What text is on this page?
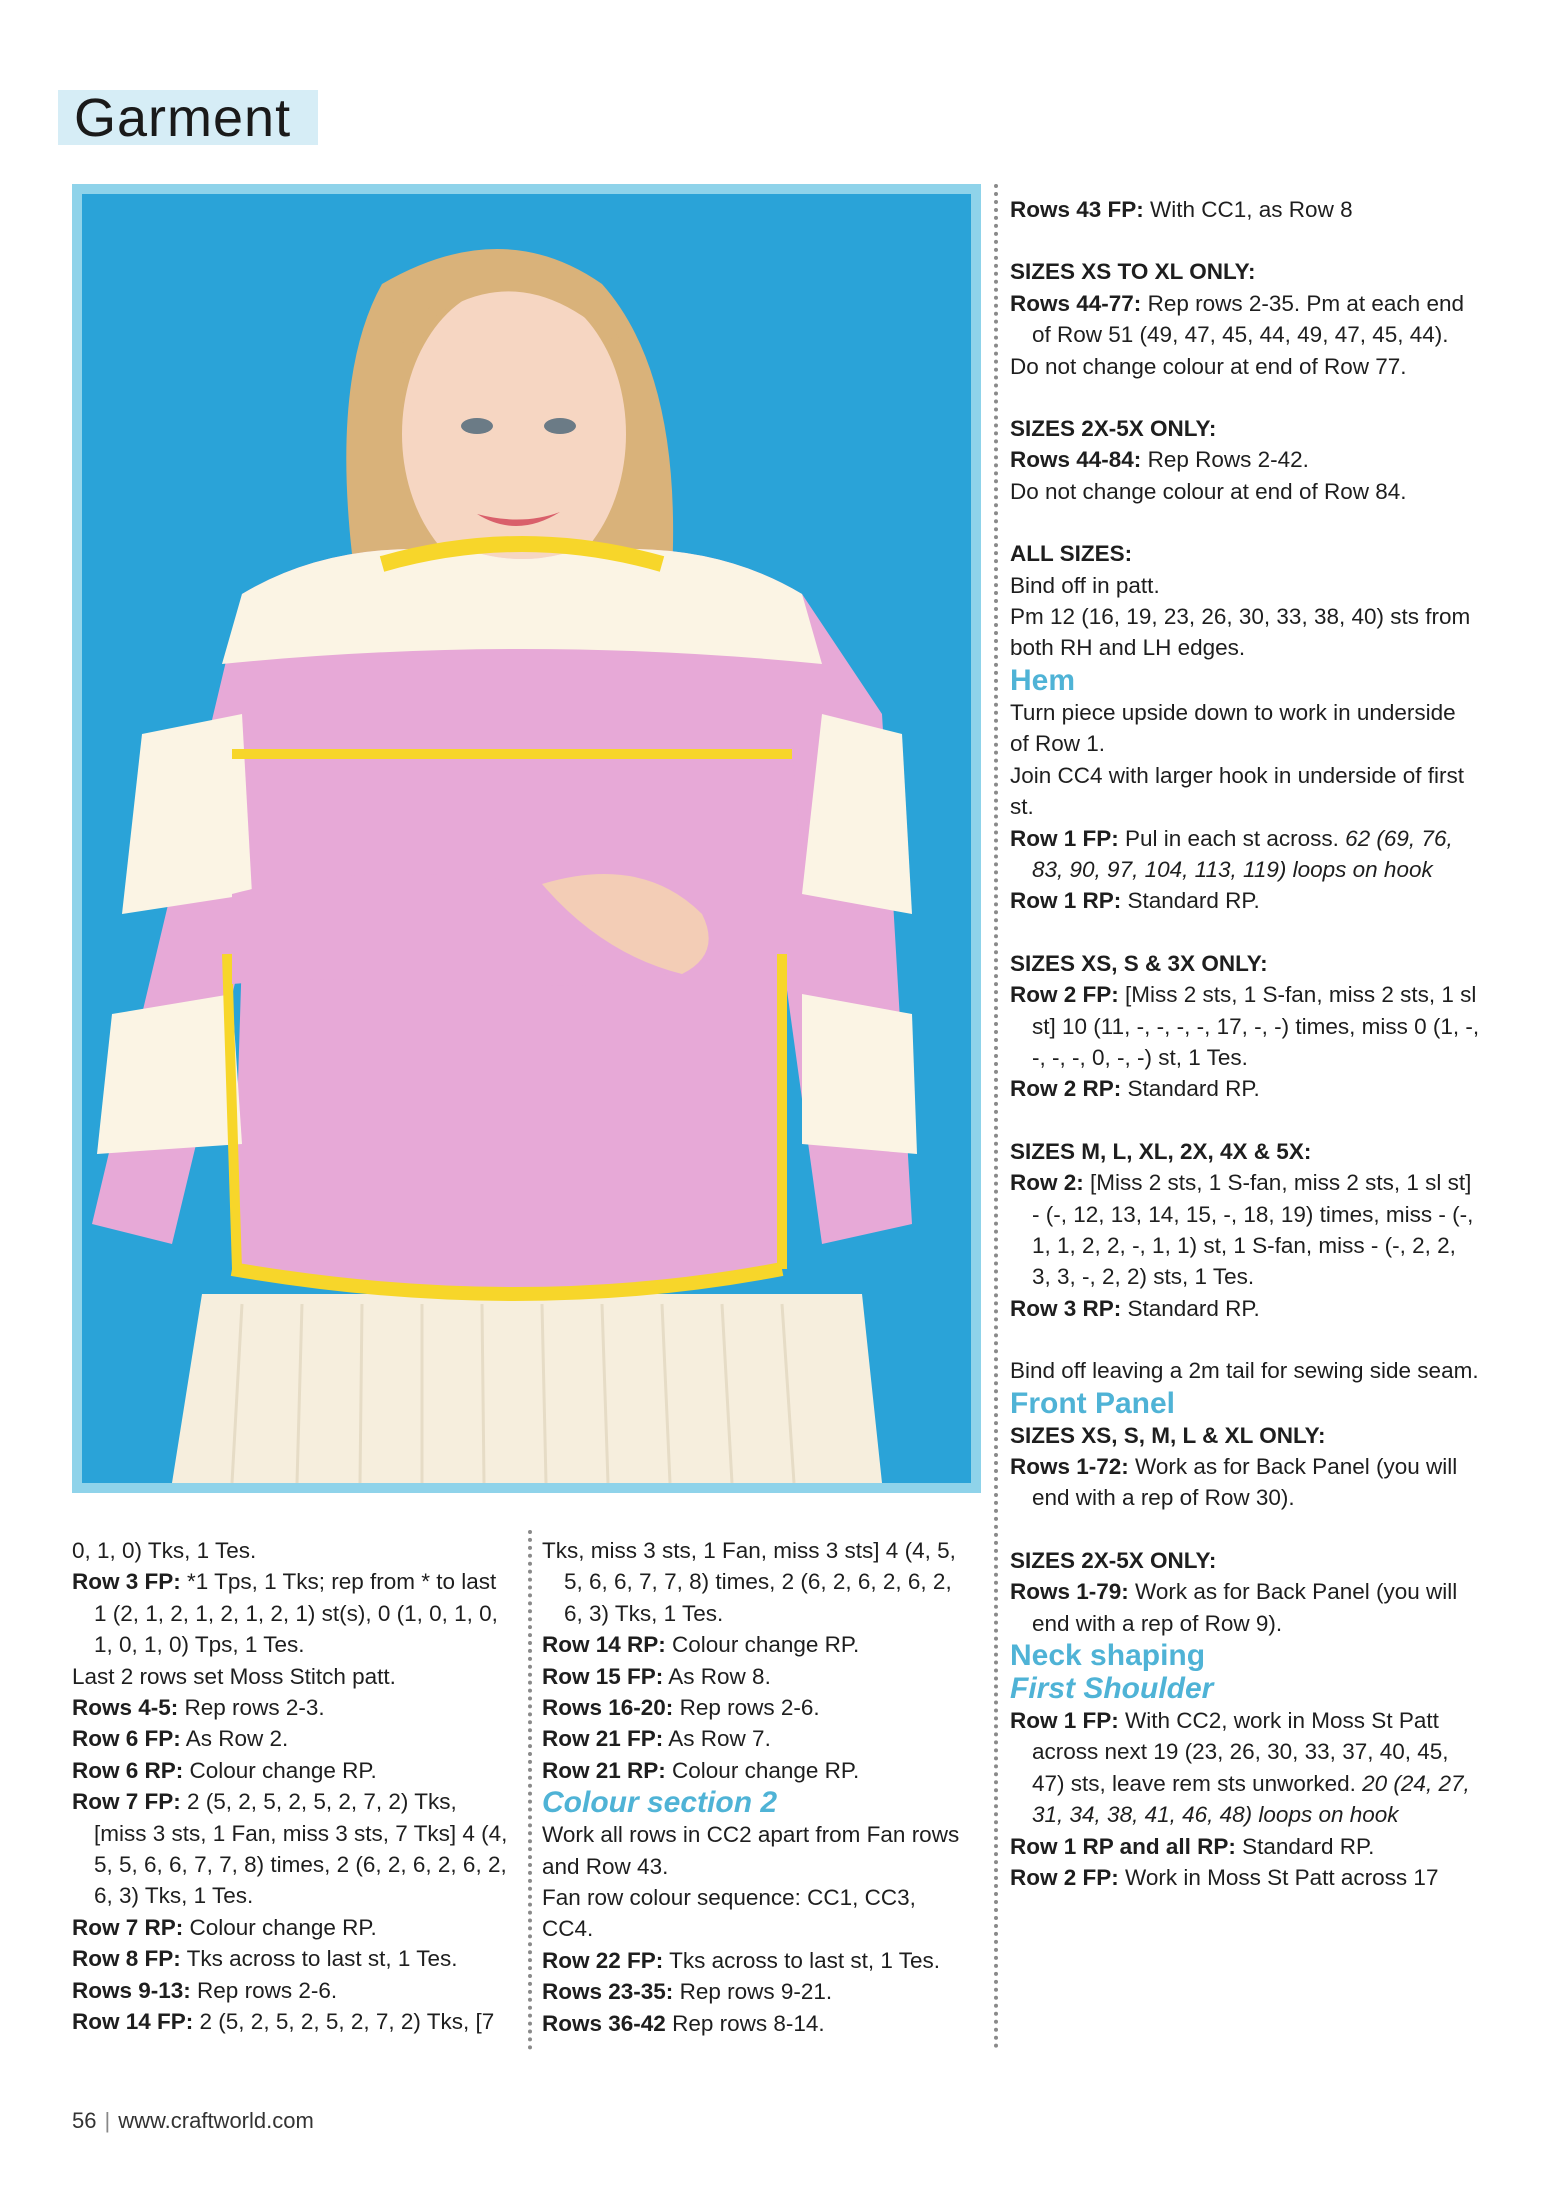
Garment

0, 1, 0) Tks, 1 Tes.

Row 3 FP: *1 Tps, 1 Tks; rep from * to last 1 (2, 1, 2, 1, 2, 1, 2, 1) st(s), 0 (1, 0, 1, 0, 1, 0, 1, 0) Tps, 1 Tes.

Last 2 rows set Moss Stitch patt.

Rows 4-5: Rep rows 2-3.

Row 6 FP: As Row 2.

Row 6 RP: Colour change RP.

Row 7 FP: 2 (5, 2, 5, 2, 5, 2, 7, 2) Tks, [miss 3 sts, 1 Fan, miss 3 sts, 7 Tks] 4 (4, 5, 5, 6, 6, 7, 7, 8) times, 2 (6, 2, 6, 2, 6, 2, 6, 3) Tks, 1 Tes.

Row 7 RP: Colour change RP.

Row 8 FP: Tks across to last st, 1 Tes.

Rows 9-13: Rep rows 2-6.

Row 14 FP: 2 (5, 2, 5, 2, 5, 2, 7, 2) Tks, [7

Tks, miss 3 sts, 1 Fan, miss 3 sts] 4 (4, 5, 5, 6, 6, 7, 7, 8) times, 2 (6, 2, 6, 2, 6, 2, 6, 3) Tks, 1 Tes.

Row 14 RP: Colour change RP.

Row 15 FP: As Row 8.

Rows 16-20: Rep rows 2-6.

Row 21 FP: As Row 7.

Row 21 RP: Colour change RP.

Colour section 2

Work all rows in CC2 apart from Fan rows and Row 43.

Fan row colour sequence: CC1, CC3, CC4.

Row 22 FP: Tks across to last st, 1 Tes.

Rows 23-35: Rep rows 9-21.

Rows 36-42 Rep rows 8-14.

Rows 43 FP: With CC1, as Row 8

SIZES XS TO XL ONLY:

Rows 44-77: Rep rows 2-35. Pm at each end of Row 51 (49, 47, 45, 44, 49, 47, 45, 44).

Do not change colour at end of Row 77.

SIZES 2X-5X ONLY:

Rows 44-84: Rep Rows 2-42.

Do not change colour at end of Row 84.

ALL SIZES:

Bind off in patt.

Pm 12 (16, 19, 23, 26, 30, 33, 38, 40) sts from both RH and LH edges.

Hem

Turn piece upside down to work in underside of Row 1.

Join CC4 with larger hook in underside of first st.

Row 1 FP: Pul in each st across. 62 (69, 76, 83, 90, 97, 104, 113, 119) loops on hook

Row 1 RP: Standard RP.

SIZES XS, S & 3X ONLY:

Row 2 FP: [Miss 2 sts, 1 S-fan, miss 2 sts, 1 sl st] 10 (11, -, -, -, -, 17, -, -) times, miss 0 (1, -, -, -, -, 0, -, -) st, 1 Tes.

Row 2 RP: Standard RP.

SIZES M, L, XL, 2X, 4X & 5X:

Row 2: [Miss 2 sts, 1 S-fan, miss 2 sts, 1 sl st] - (-, 12, 13, 14, 15, -, 18, 19) times, miss - (-, 1, 1, 2, 2, -, 1, 1) st, 1 S-fan, miss - (-, 2, 2, 3, 3, -, 2, 2) sts, 1 Tes.

Row 3 RP: Standard RP.

Bind off leaving a 2m tail for sewing side seam.

Front Panel

SIZES XS, S, M, L & XL ONLY:

Rows 1-72: Work as for Back Panel (you will end with a rep of Row 30).

SIZES 2X-5X ONLY:

Rows 1-79: Work as for Back Panel (you will end with a rep of Row 9).

Neck shaping
First Shoulder

Row 1 FP: With CC2, work in Moss St Patt across next 19 (23, 26, 30, 33, 37, 40, 45, 47) sts, leave rem sts unworked. 20 (24, 27, 31, 34, 38, 41, 46, 48) loops on hook

Row 1 RP and all RP: Standard RP.

Row 2 FP: Work in Moss St Patt across 17

56 | www.craftworld.com
